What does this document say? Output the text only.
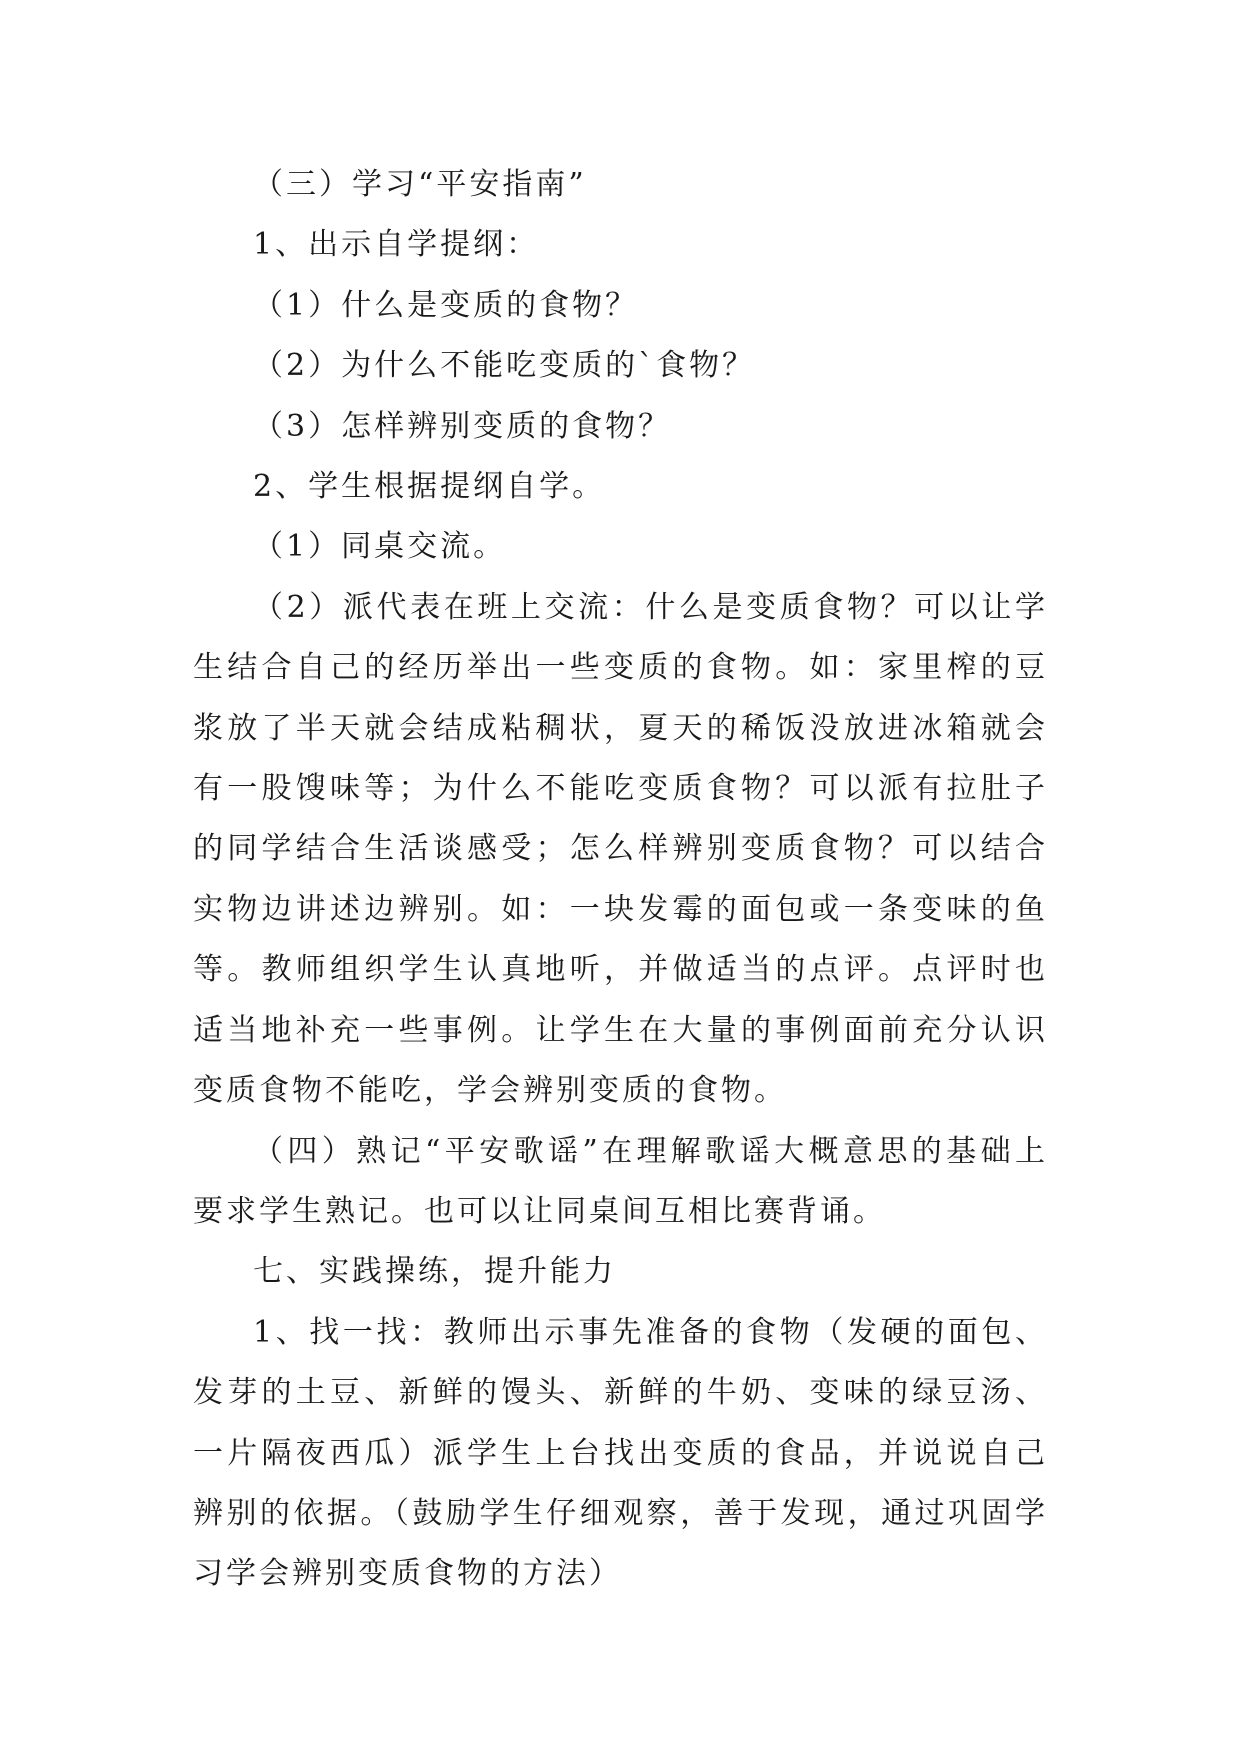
（三）学习“平安指南”

1、出示自学提纲：

（1）什么是变质的食物？

（2）为什么不能吃变质的`食物？

（3）怎样辨别变质的食物？

2、学生根据提纲自学。

（1）同桌交流。

（2）派代表在班上交流：什么是变质食物？可以让学生结合自己的经历举出一些变质的食物。如：家里榨的豆浆放了半天就会结成粘稠状，夏天的稀饭没放进冰箱就会有一股馊味等；为什么不能吃变质食物？可以派有拉肚子的同学结合生活谈感受；怎么样辨别变质食物？可以结合实物边讲述边辨别。如：一块发霉的面包或一条变味的鱼等。教师组织学生认真地听，并做适当的点评。点评时也适当地补充一些事例。让学生在大量的事例面前充分认识变质食物不能吃，学会辨别变质的食物。

（四）熟记“平安歌谣”在理解歌谣大概意思的基础上要求学生熟记。也可以让同桌间互相比赛背诵。

七、实践操练，提升能力

1、找一找：教师出示事先准备的食物（发硬的面包、发芽的土豆、新鲜的馒头、新鲜的牛奶、变味的绿豆汤、一片隔夜西瓜）派学生上台找出变质的食品，并说说自己辨别的依据。（鼓励学生仔细观察，善于发现，通过巩固学习学会辨别变质食物的方法）
